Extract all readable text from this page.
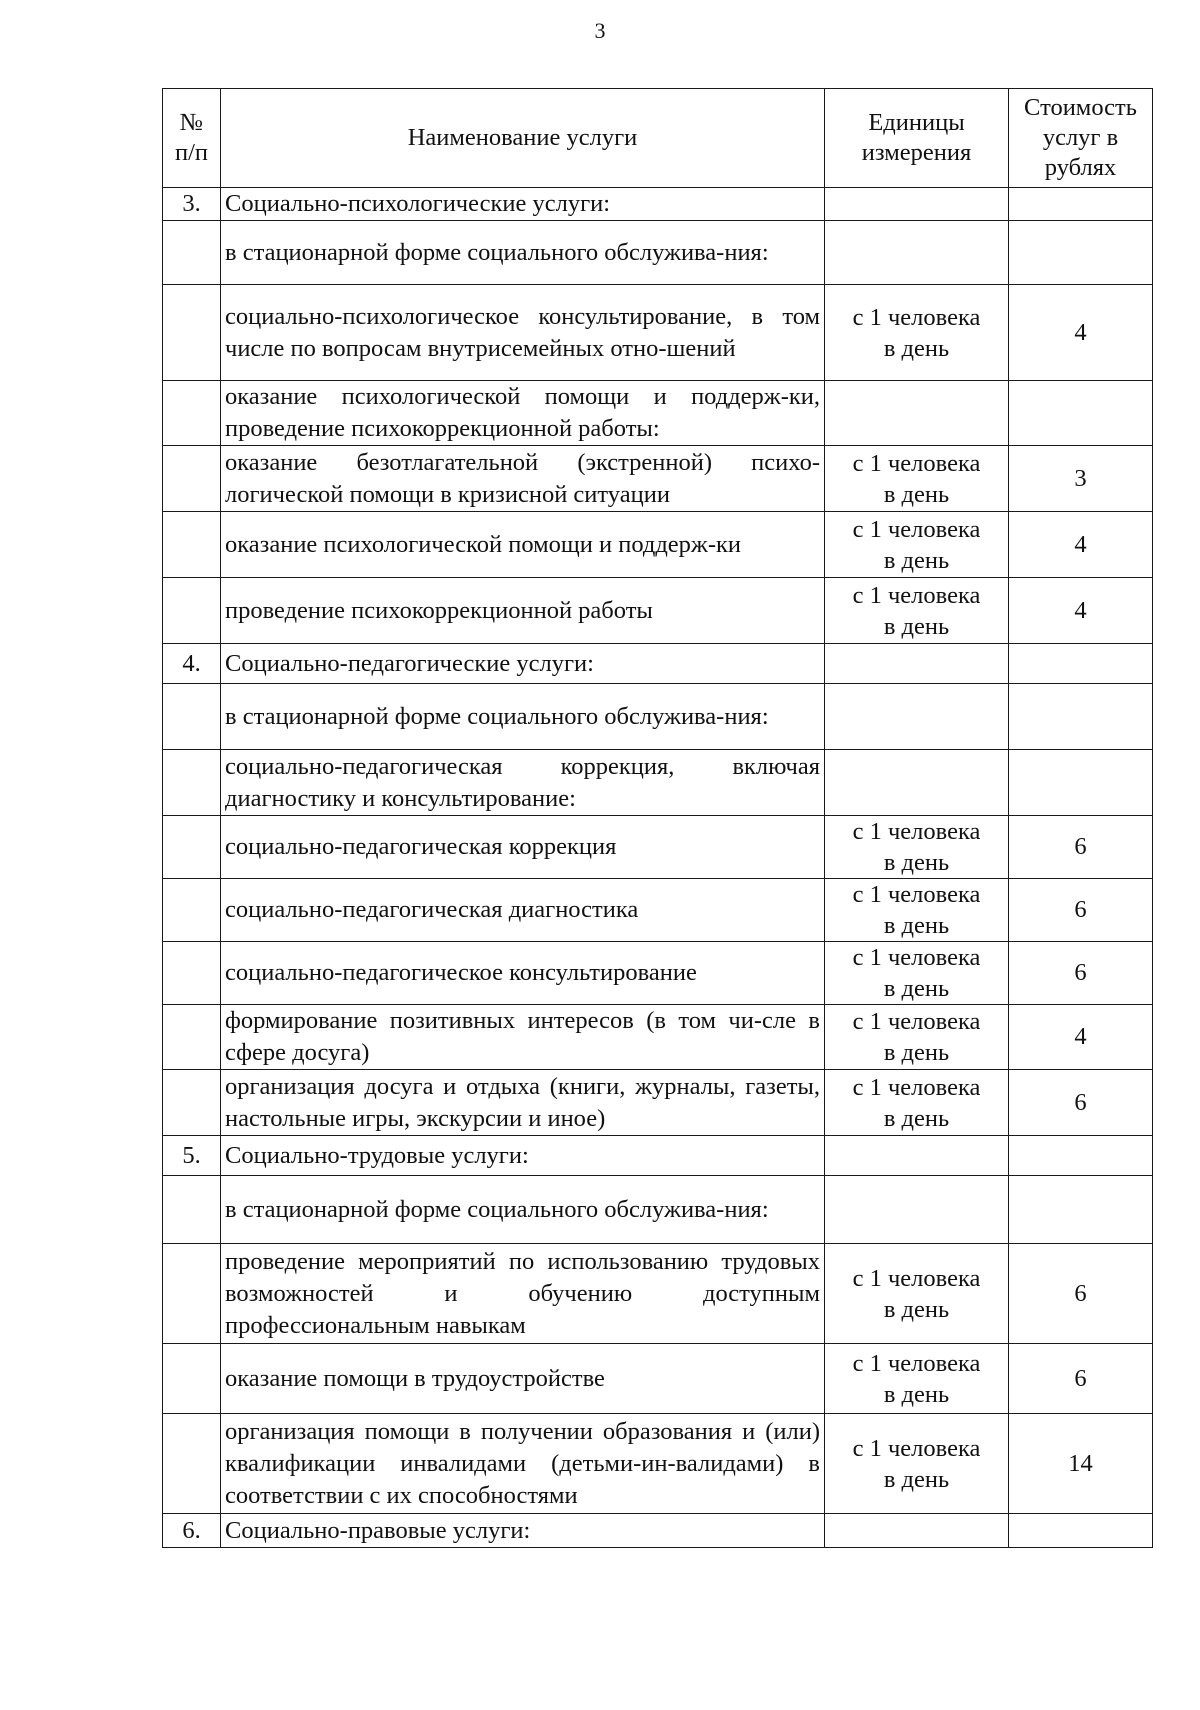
3
№ п/п	Наименование услуги	Единицы измерения	Стоимость услуг в рублях
3.	Социально-психологические услуги:	

	в стационарной форме социального обслужива-ния:	

	социально-психологическое консультирование, в том числе по вопросам внутрисемейных отно-шений	с 1 человека
в день	4
	оказание психологической помощи и поддерж-ки, проведение психокоррекционной работы:	

	оказание безотлагательной (экстренной) психо-логической помощи в кризисной ситуации	с 1 человека
в день	3
	оказание психологической помощи и поддерж-ки	с 1 человека
в день	4
	проведение психокоррекционной работы	с 1 человека
в день	4
4.	Социально-педагогические услуги:	

	в стационарной форме социального обслужива-ния:	

	социально-педагогическая коррекция, включая диагностику и консультирование:	

	социально-педагогическая коррекция	с 1 человека
в день	6
	социально-педагогическая диагностика	с 1 человека
в день	6
	социально-педагогическое консультирование	с 1 человека
в день	6
	формирование позитивных интересов (в том чи-сле в сфере досуга)	с 1 человека
в день	4
	организация досуга и отдыха (книги, журналы, газеты, настольные игры, экскурсии и иное)	с 1 человека
в день	6
5.	Социально-трудовые услуги:	

	в стационарной форме социального обслужива-ния:	

	проведение мероприятий по использованию трудовых возможностей и обучению доступным профессиональным навыкам	с 1 человека
в день	6
	оказание помощи в трудоустройстве	с 1 человека
в день	6
	организация помощи в получении образования и (или) квалификации инвалидами (детьми-ин-валидами) в соответствии с их способностями	с 1 человека
в день	14
6.	Социально-правовые услуги:	
